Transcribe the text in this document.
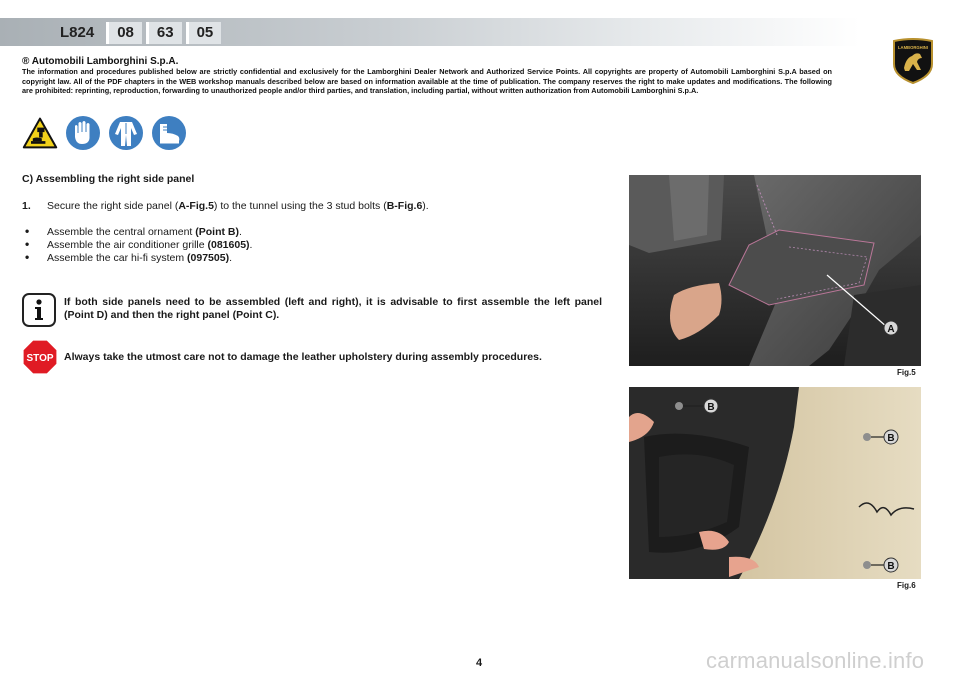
L824	08	63	05
LAMBORGHINI
® Automobili Lamborghini S.p.A.
The information and procedures published below are strictly confidential and exclusively for the Lamborghini Dealer Network and Authorized Service Points. All copyrights are property of Automobili Lamborghini S.p.A based on copyright law. All of the PDF chapters in the WEB workshop manuals described below are based on information available at the time of publication. The company reserves the right to make updates and modifications. The following are prohibited: reprinting, reproduction, forwarding to unauthorized people and/or third parties, and translation, including partial, without written authorization from Automobili Lamborghini S.p.A.
C) Assembling the right side panel
1. Secure the right side panel (A-Fig.5) to the tunnel using the 3 stud bolts (B-Fig.6).
• Assemble the central ornament (Point B).
• Assemble the air conditioner grille (081605).
• Assemble the car hi-fi system (097505).
If both side panels need to be assembled (left and right), it is advisable to first assemble the left panel (Point D) and then the right panel (Point C).
STOP Always take the utmost care not to damage the leather upholstery during assembly procedures.
A
Fig.5
B
B
B
Fig.6
4	carmanualsonline.info
